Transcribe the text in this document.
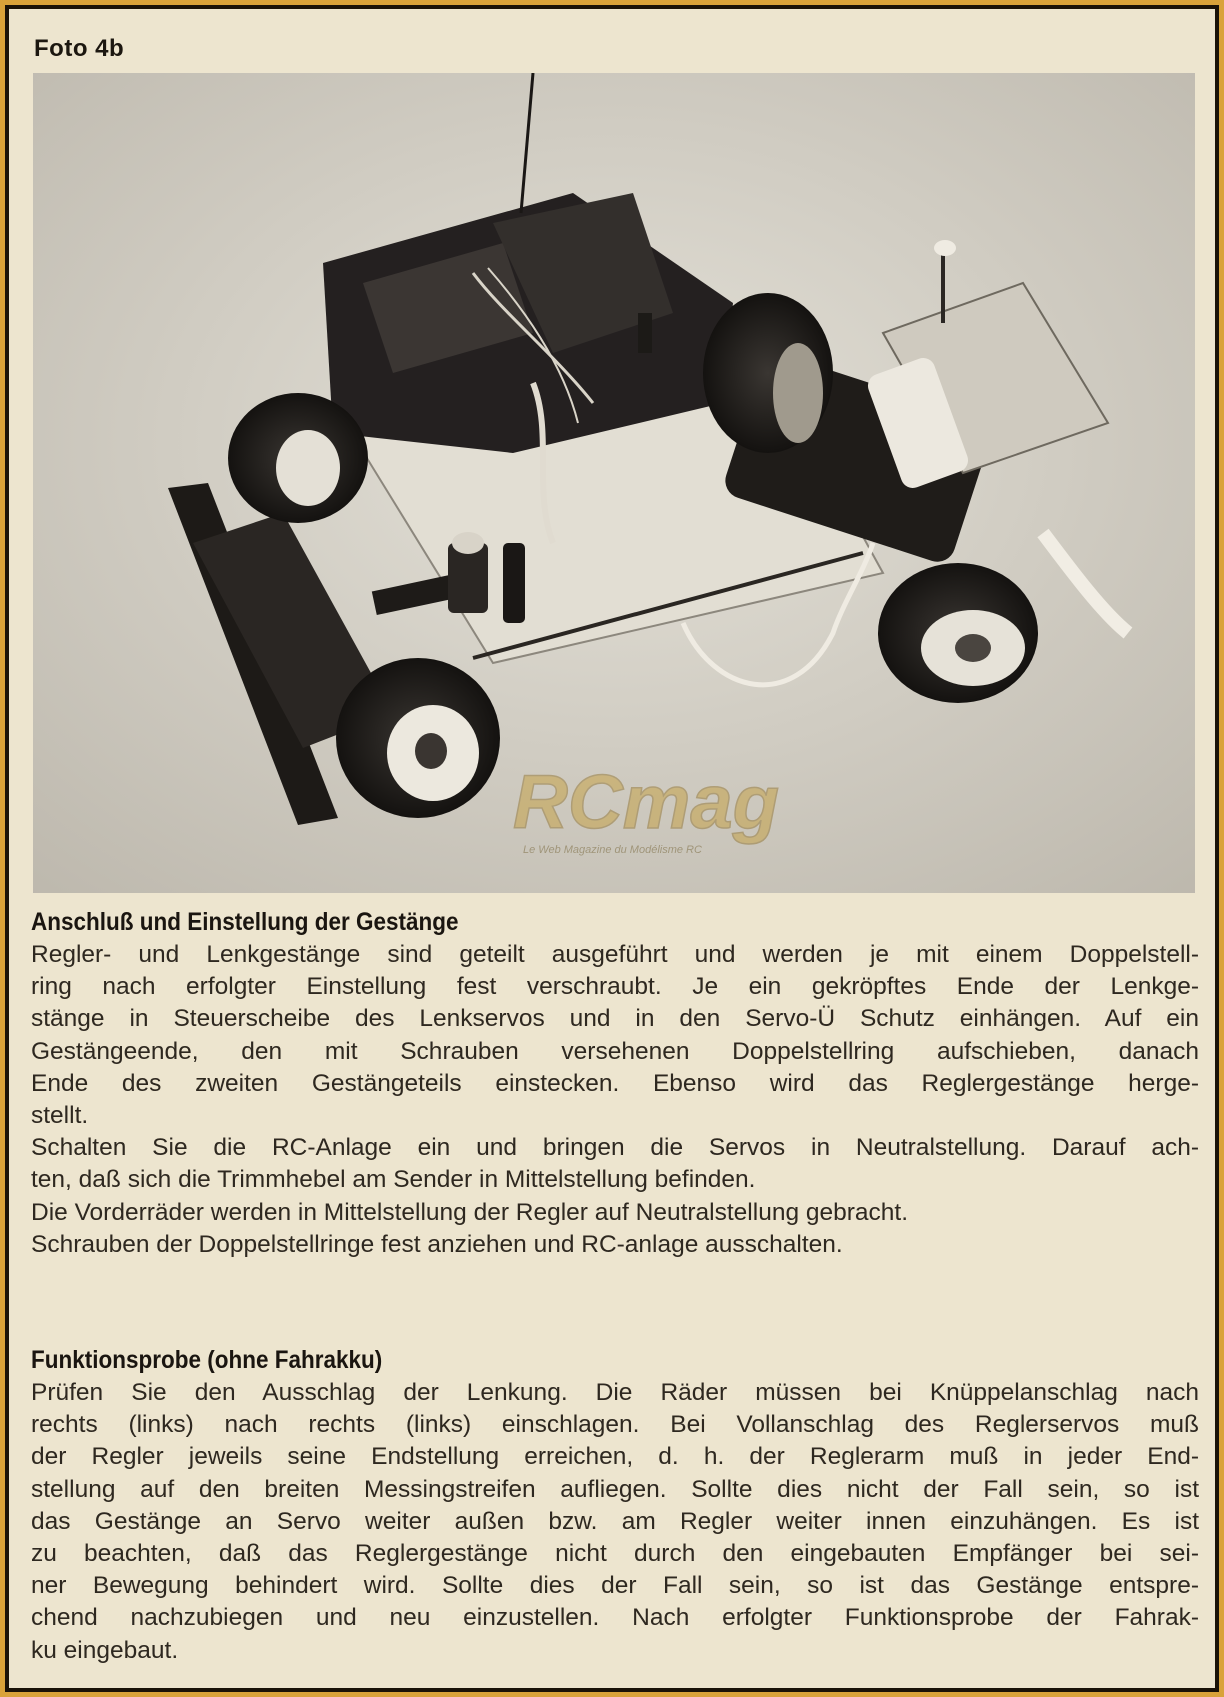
Foto 4b
RCmag
Le Web Magazine du Modélisme RC
Anschluß und Einstellung der Gestänge
Regler- und Lenkgestänge sind geteilt ausgeführt und werden je mit einem Doppelstell-
ring nach erfolgter Einstellung fest verschraubt. Je ein gekröpftes Ende der Lenkge-
stänge in Steuerscheibe des Lenkservos und in den Servo-Ü Schutz einhängen. Auf ein
Gestängeende, den mit Schrauben versehenen Doppelstellring aufschieben, danach
Ende des zweiten Gestängeteils einstecken. Ebenso wird das Reglergestänge herge-
stellt.
Schalten Sie die RC-Anlage ein und bringen die Servos in Neutralstellung. Darauf ach-
ten, daß sich die Trimmhebel am Sender in Mittelstellung befinden.
Die Vorderräder werden in Mittelstellung der Regler auf Neutralstellung gebracht.
Schrauben der Doppelstellringe fest anziehen und RC-anlage ausschalten.
Funktionsprobe (ohne Fahrakku)
Prüfen Sie den Ausschlag der Lenkung. Die Räder müssen bei Knüppelanschlag nach
rechts (links) nach rechts (links) einschlagen. Bei Vollanschlag des Reglerservos muß
der Regler jeweils seine Endstellung erreichen, d. h. der Reglerarm muß in jeder End-
stellung auf den breiten Messingstreifen aufliegen. Sollte dies nicht der Fall sein, so ist
das Gestänge an Servo weiter außen bzw. am Regler weiter innen einzuhängen. Es ist
zu beachten, daß das Reglergestänge nicht durch den eingebauten Empfänger bei sei-
ner Bewegung behindert wird. Sollte dies der Fall sein, so ist das Gestänge entspre-
chend nachzubiegen und neu einzustellen. Nach erfolgter Funktionsprobe der Fahrak-
ku eingebaut.
